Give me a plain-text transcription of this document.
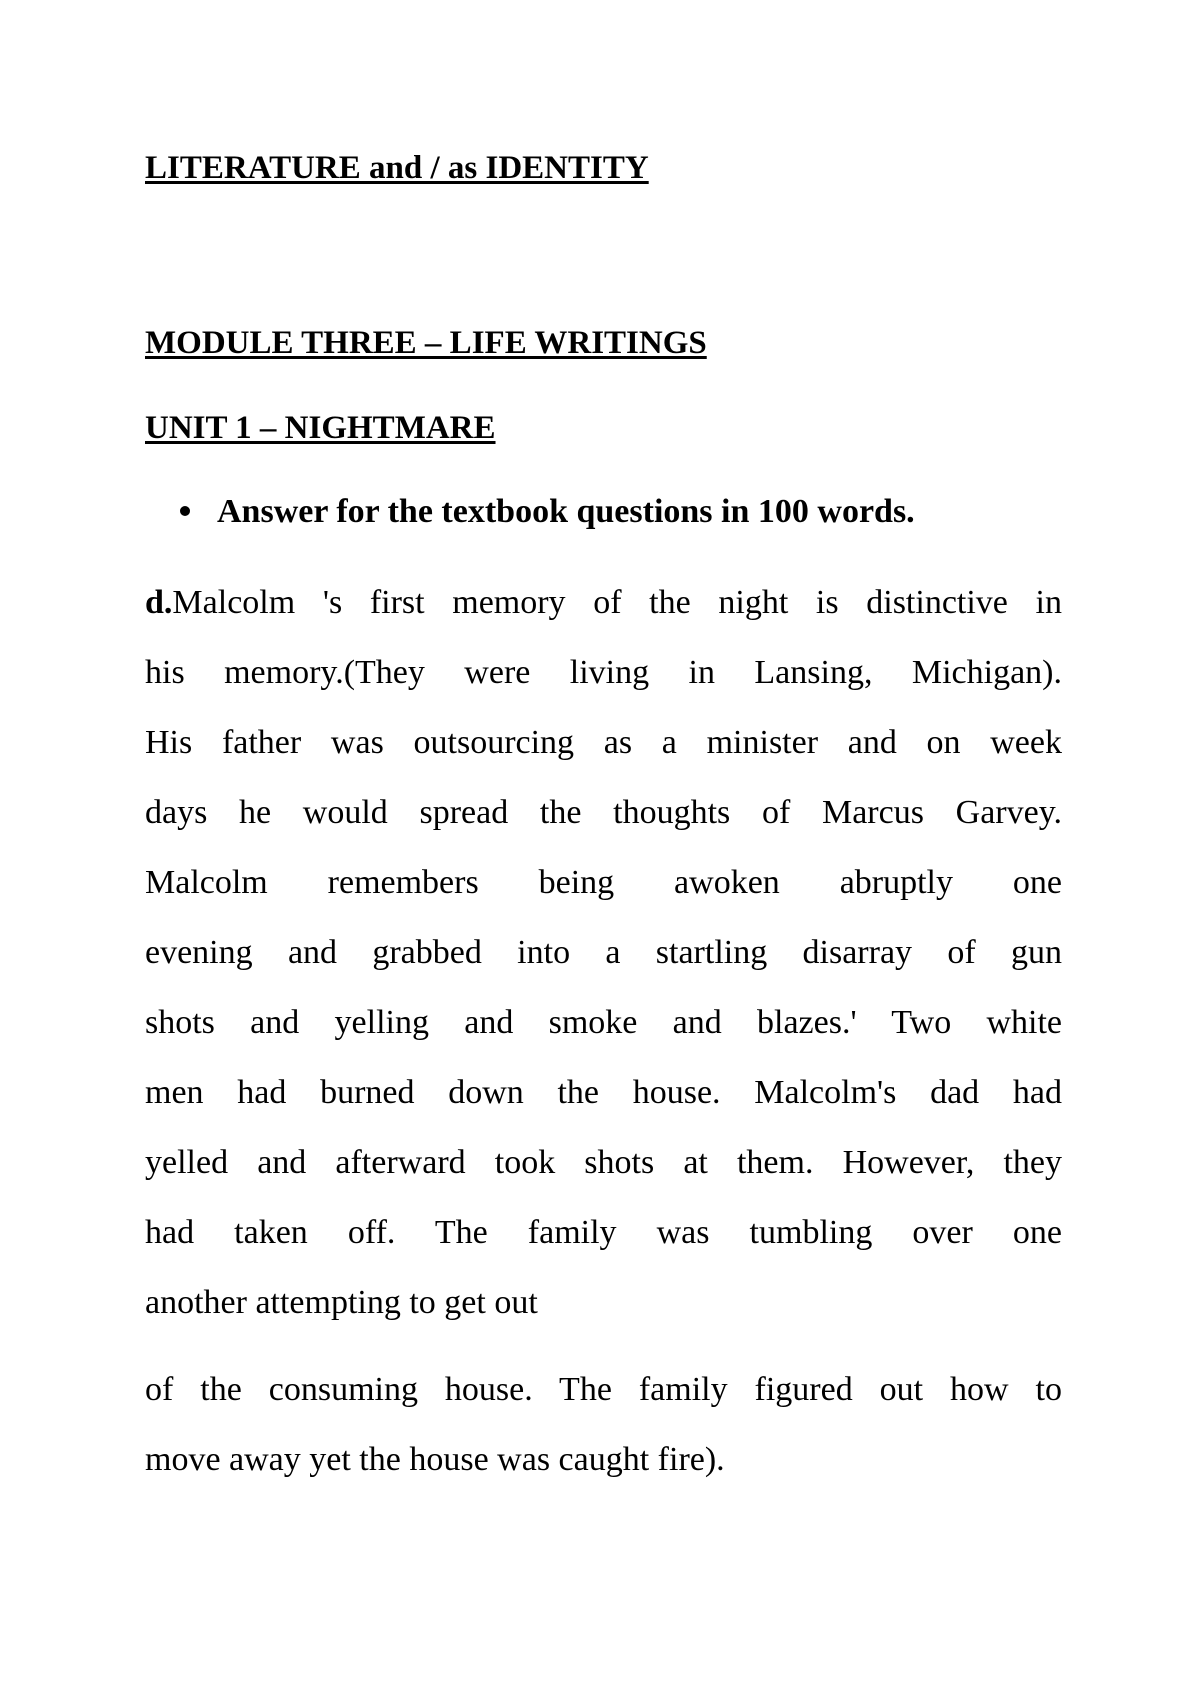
LITERATURE and / as IDENTITY
MODULE THREE – LIFE WRITINGS
UNIT 1 – NIGHTMARE
Answer for the textbook questions in 100 words.
d.Malcolm 's first memory of the night is distinctive in
his memory.(They were living in Lansing, Michigan).
His father was outsourcing as a minister and on week
days he would spread the thoughts of Marcus Garvey.
Malcolm remembers being awoken abruptly one
evening and grabbed into a startling disarray of gun
shots and yelling and smoke and blazes.' Two white
men had burned down the house. Malcolm's dad had
yelled and afterward took shots at them. However, they
had taken off. The family was tumbling over one
another attempting to get out
of the consuming house. The family figured out how to
move away yet the house was caught fire).
